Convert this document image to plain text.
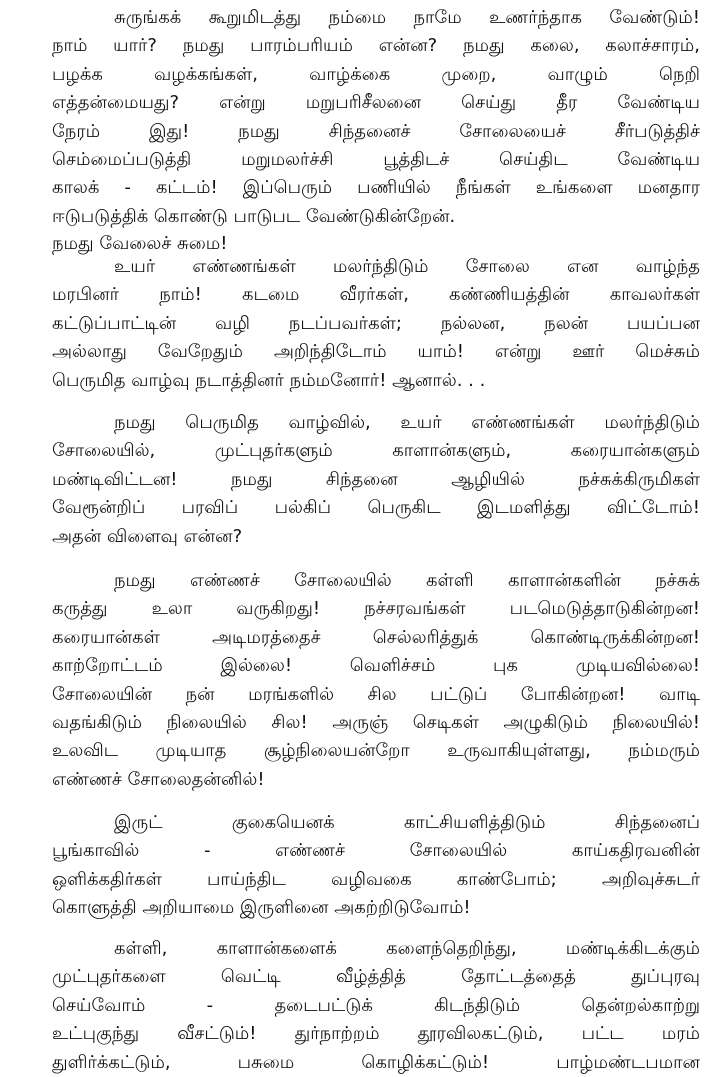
சுருங்கக் கூறுமிடத்து நம்மை நாமே உணர்ந்தாக வேண்டும்!
நாம் யார்? நமது பாரம்பரியம் என்ன? நமது கலை, கலாச்சாரம்,
பழக்க வழக்கங்கள், வாழ்க்கை முறை, வாழும் நெறி
எத்தன்மையது? என்று மறுபரிசீலனை செய்து தீர வேண்டிய
நேரம் இது! நமது சிந்தனைச் சோலையைச் சீர்படுத்திச்
செம்மைப்படுத்தி மறுமலர்ச்சி பூத்திடச் செய்திட வேண்டிய
காலக் - கட்டம்! இப்பெரும் பணியில் நீங்கள் உங்களை மனதார
ஈடுபடுத்திக் கொண்டு பாடுபட வேண்டுகின்றேன்.

நமது வேலைச் சுமை!

உயர் எண்ணங்கள் மலர்ந்திடும் சோலை என வாழ்ந்த
மரபினர் நாம்! கடமை வீரர்கள், கண்ணியத்தின் காவலர்கள்
கட்டுப்பாட்டின் வழி நடப்பவர்கள்; நல்லன, நலன் பயப்பன
அல்லாது வேறேதும் அறிந்திடோம் யாம்! என்று ஊர் மெச்சும்
பெருமித வாழ்வு நடாத்தினர் நம்மனோர்! ஆனால். . .

நமது பெருமித வாழ்வில், உயர் எண்ணங்கள் மலர்ந்திடும்
சோலையில், முட்புதர்களும் காளான்களும், கரையான்களும்
மண்டிவிட்டன! நமது சிந்தனை ஆழியில் நச்சுக்கிருமிகள்
வேரூன்றிப் பரவிப் பல்கிப் பெருகிட இடமளித்து விட்டோம்!
அதன் விளைவு என்ன?

நமது எண்ணச் சோலையில் கள்ளி காளான்களின் நச்சுக்
கருத்து உலா வருகிறது! நச்சரவங்கள் படமெடுத்தாடுகின்றன!
கரையான்கள் அடிமரத்தைச் செல்லரித்துக் கொண்டிருக்கின்றன!
காற்றோட்டம் இல்லை! வெளிச்சம் புக முடியவில்லை!
சோலையின் நன் மரங்களில் சில பட்டுப் போகின்றன! வாடி
வதங்கிடும் நிலையில் சில! அருஞ் செடிகள் அழுகிடும் நிலையில்!
உலவிட முடியாத சூழ்நிலையன்றோ உருவாகியுள்ளது, நம்மரும்
எண்ணச் சோலைதன்னில்!

இருட் குகையெனக் காட்சியளித்திடும் சிந்தனைப்
பூங்காவில் - எண்ணச் சோலையில் காய்கதிரவனின்
ஒளிக்கதிர்கள் பாய்ந்திட வழிவகை காண்போம்; அறிவுச்சுடர்
கொளுத்தி அறியாமை இருளினை அகற்றிடுவோம்!

கள்ளி, காளான்களைக் களைந்தெறிந்து, மண்டிக்கிடக்கும்
முட்புதர்களை வெட்டி வீழ்த்தித் தோட்டத்தைத் துப்புரவு
செய்வோம் - தடைபட்டுக் கிடந்திடும் தென்றல்காற்று
உட்புகுந்து வீசட்டும்! துர்நாற்றம் தூரவிலகட்டும், பட்ட மரம்
துளிர்க்கட்டும், பசுமை கொழிக்கட்டும்! பாழ்மண்டபமான
